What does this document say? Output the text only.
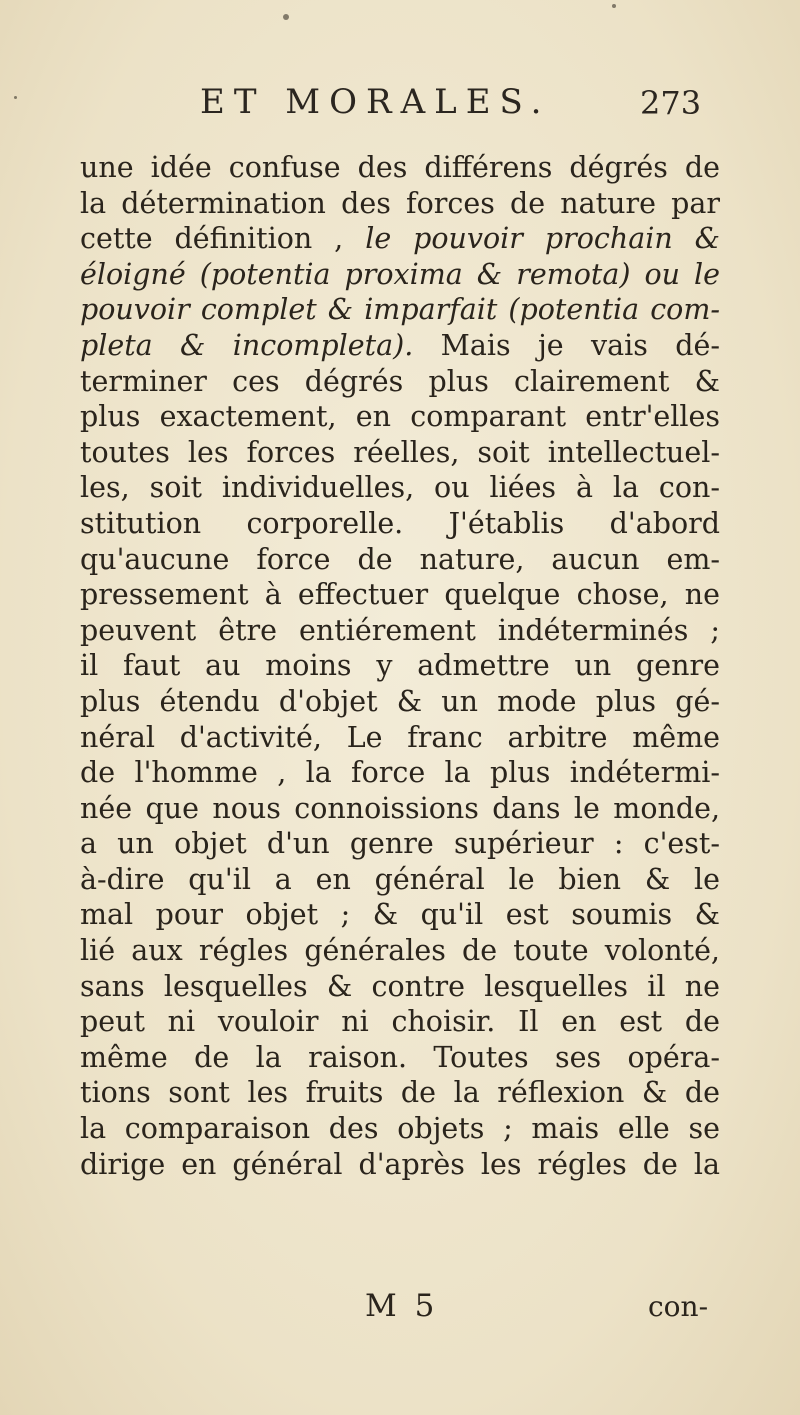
ET MORALES.	273
une idée confuse des différens dégrés de
la détermination des forces de nature par
cette définition , le pouvoir prochain &
éloigné (potentia proxima & remota) ou le
pouvoir complet & imparfait (potentia com-
pleta & incompleta). Mais je vais dé-
terminer ces dégrés plus clairement &
plus exactement, en comparant entr'elles
toutes les forces réelles, soit intellectuel-
les, soit individuelles, ou liées à la con-
stitution corporelle. J'établis d'abord
qu'aucune force de nature, aucun em-
pressement à effectuer quelque chose, ne
peuvent être entiérement indéterminés ;
il faut au moins y admettre un genre
plus étendu d'objet & un mode plus gé-
néral d'activité, Le franc arbitre même
de l'homme , la force la plus indétermi-
née que nous connoissions dans le monde,
a un objet d'un genre supérieur : c'est-
à-dire qu'il a en général le bien & le
mal pour objet ; & qu'il est soumis &
lié aux régles générales de toute volonté,
sans lesquelles & contre lesquelles il ne
peut ni vouloir ni choisir. Il en est de
même de la raison. Toutes ses opéra-
tions sont les fruits de la réflexion & de
la comparaison des objets ; mais elle se
dirige en général d'après les régles de la
M 5	con-
